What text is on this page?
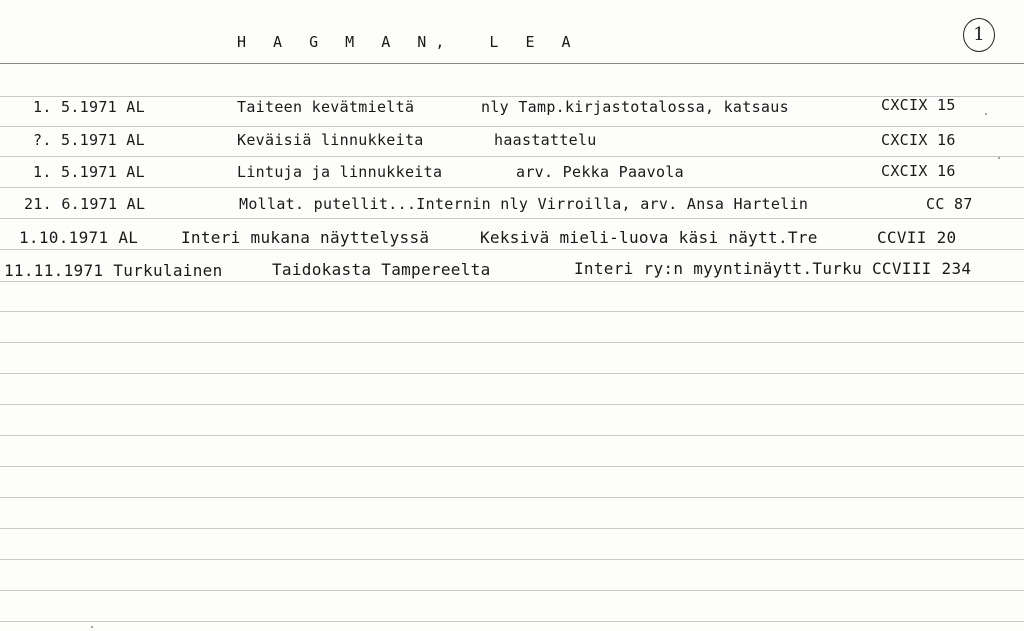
H A G M A N,  L E A	1
1. 5.1971 AL	Taiteen kevätmieltä	nly Tamp.kirjastotalossa, katsaus	CXCIX 15
?. 5.1971 AL	Keväisiä linnukkeita	haastattelu	CXCIX 16
1. 5.1971 AL	Lintuja ja linnukkeita	arv. Pekka Paavola	CXCIX 16
21. 6.1971 AL	Mollat. putellit...Internin nly Virroilla, arv. Ansa Hartelin	CC 87
1.10.1971 AL	Interi mukana näyttelyssä	Keksivä mieli-luova käsi näytt.Tre	CCVII 20
11.11.1971 Turkulainen	Taidokasta Tampereelta	Interi ry:n myyntinäytt.Turku CCVIII 234
